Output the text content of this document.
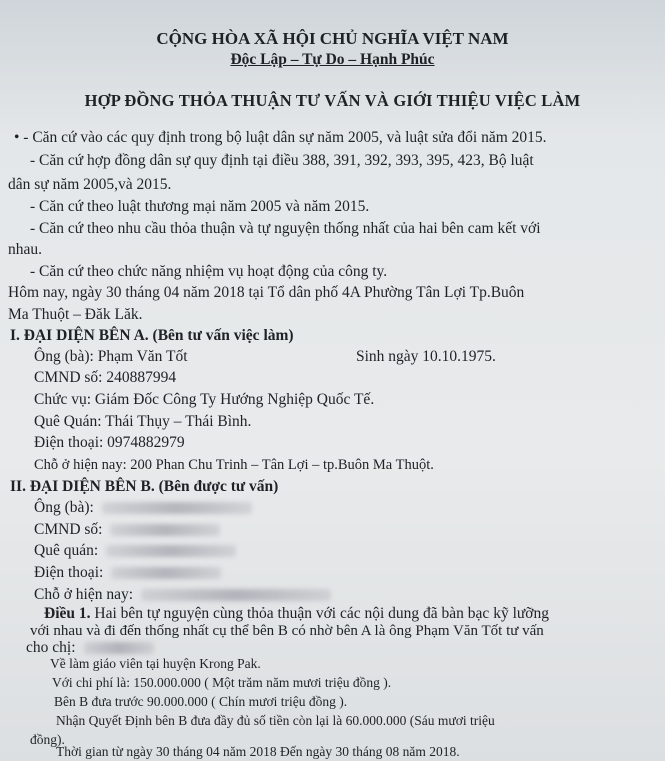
CỘNG HÒA XÃ HỘI CHỦ NGHĨA VIỆT NAM
Độc Lập – Tự Do – Hạnh Phúc
HỢP ĐỒNG THỎA THUẬN TƯ VẤN VÀ GIỚI THIỆU VIỆC LÀM
• - Căn cứ vào các quy định trong bộ luật dân sự năm 2005, và luật sửa đổi năm 2015.
- Căn cứ hợp đồng dân sự quy định tại điều 388, 391, 392, 393, 395, 423, Bộ luật
dân sự năm 2005,và 2015.
- Căn cứ theo luật thương mại năm 2005 và năm 2015.
- Căn cứ theo nhu cầu thỏa thuận và tự nguyện thống nhất của hai bên cam kết với
nhau.
- Căn cứ theo chức năng nhiệm vụ hoạt động của công ty.
Hôm nay, ngày 30 tháng 04 năm 2018 tại Tổ dân phố 4A Phường Tân Lợi Tp.Buôn
Ma Thuột – Đăk Lăk.
I. ĐẠI DIỆN BÊN A. (Bên tư vấn việc làm)
Ông (bà): Phạm Văn Tốt	Sinh ngày 10.10.1975.
CMND số: 240887994
Chức vụ: Giám Đốc Công Ty Hướng Nghiệp Quốc Tế.
Quê Quán: Thái Thụy – Thái Bình.
Điện thoại: 0974882979
Chỗ ở hiện nay: 200 Phan Chu Trinh – Tân Lợi – tp.Buôn Ma Thuột.
II. ĐẠI DIỆN BÊN B. (Bên được tư vấn)
Ông (bà):
CMND số:
Quê quán:
Điện thoại:
Chỗ ở hiện nay:
Điều 1. Hai bên tự nguyện cùng thỏa thuận với các nội dung đã bàn bạc kỹ lưỡng
với nhau và đi đến thống nhất cụ thể bên B có nhờ bên A là ông Phạm Văn Tốt tư vấn
cho chị:
Về làm giáo viên tại huyện Krong Pak.
Với chi phí là: 150.000.000 ( Một trăm năm mươi triệu đồng ).
Bên B đưa trước 90.000.000 ( Chín mươi triệu đồng ).
Nhận Quyết Định bên B đưa đầy đủ số tiền còn lại là 60.000.000 (Sáu mươi triệu
đồng).
Thời gian từ ngày 30 tháng 04 năm 2018 Đến ngày 30 tháng 08 năm 2018.
